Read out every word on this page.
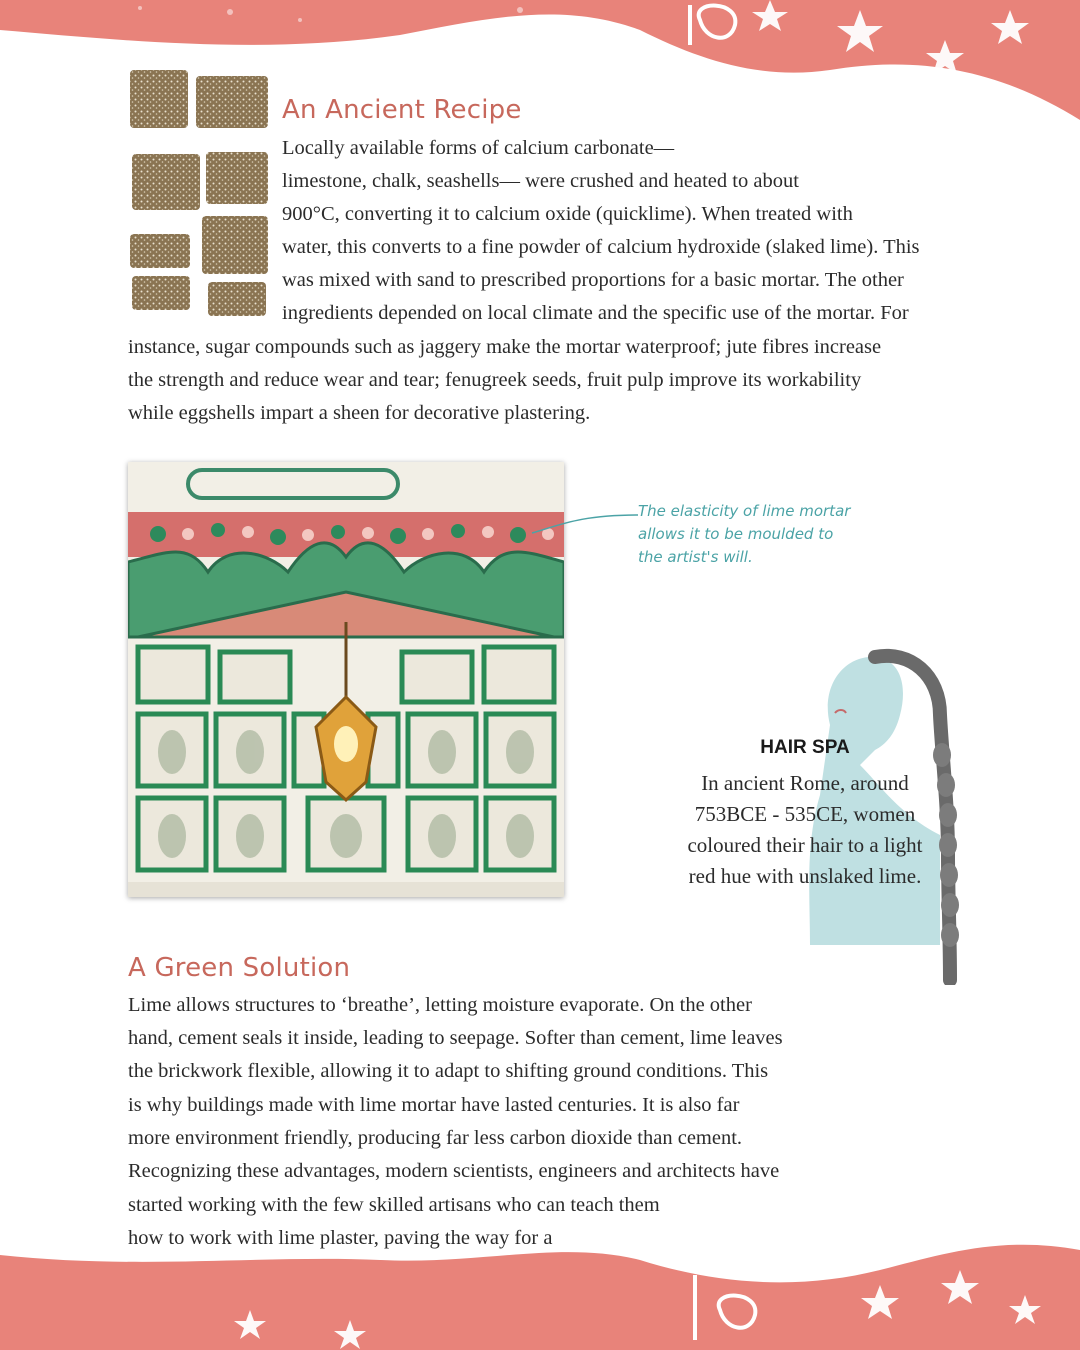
An Ancient Recipe

Locally available forms of calcium carbonate—

limestone, chalk, seashells— were crushed and heated to about

900°C, converting it to calcium oxide (quicklime). When treated with

water, this converts to a fine powder of calcium hydroxide (slaked lime). This

was mixed with sand to prescribed proportions for a basic mortar. The other

ingredients depended on local climate and the specific use of the mortar. For

instance, sugar compounds such as jaggery make the mortar waterproof; jute fibres increase

the strength and reduce wear and tear; fenugreek seeds, fruit pulp improve its workability

while eggshells impart a sheen for decorative plastering.

The elasticity of lime mortar
allows it to be moulded to
the artist's will.
HAIR SPA

In ancient Rome, around

753BCE - 535CE, women

coloured their hair to a light

red hue with unslaked lime.

A Green Solution

Lime allows structures to ‘breathe’, letting moisture evaporate. On the other

hand, cement seals it inside, leading to seepage. Softer than cement, lime leaves

the brickwork flexible, allowing it to adapt to shifting ground conditions. This

is why buildings made with lime mortar have lasted centuries. It is also far

more environment friendly, producing far less carbon dioxide than cement.

Recognizing these advantages, modern scientists, engineers and architects have

started working with the few skilled artisans who can teach them

how to work with lime plaster, paving the way for a
